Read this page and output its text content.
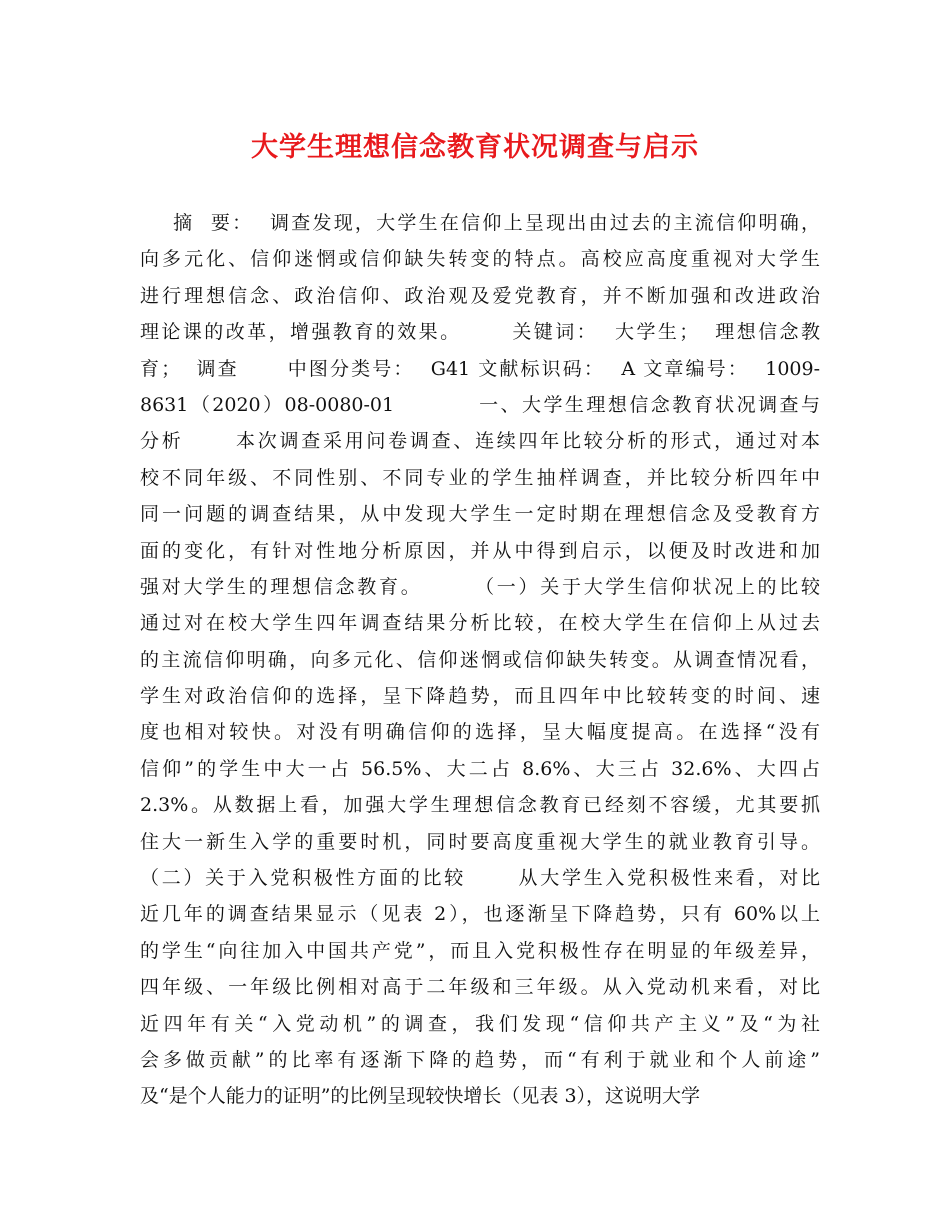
大学生理想信念教育状况调查与启示
摘  要：  调查发现，大学生在信仰上呈现出由过去的主流信仰明确，
向多元化、信仰迷惘或信仰缺失转变的特点。高校应高度重视对大学生
进行理想信念、政治信仰、政治观及爱党教育，并不断加强和改进政治
理论课的改革，增强教育的效果。      关键词：  大学生；  理想信念教
育；  调查      中图分类号：  G41 文献标识码：  A 文章编号：  1009-
8631（2020）08-0080-01          一、大学生理想信念教育状况调查与
分析      本次调查采用问卷调查、连续四年比较分析的形式，通过对本
校不同年级、不同性别、不同专业的学生抽样调查，并比较分析四年中
同一问题的调查结果，从中发现大学生一定时期在理想信念及受教育方
面的变化，有针对性地分析原因，并从中得到启示，以便及时改进和加
强对大学生的理想信念教育。      （一）关于大学生信仰状况上的比较
通过对在校大学生四年调查结果分析比较，在校大学生在信仰上从过去
的主流信仰明确，向多元化、信仰迷惘或信仰缺失转变。从调查情况看，
学生对政治信仰的选择，呈下降趋势，而且四年中比较转变的时间、速
度也相对较快。对没有明确信仰的选择，呈大幅度提高。在选择“没有
信仰”的学生中大一占 56.5%、大二占 8.6%、大三占 32.6%、大四占
2.3%。从数据上看，加强大学生理想信念教育已经刻不容缓，尤其要抓
住大一新生入学的重要时机，同时要高度重视大学生的就业教育引导。
（二）关于入党积极性方面的比较      从大学生入党积极性来看，对比
近几年的调查结果显示（见表 2），也逐渐呈下降趋势，只有 60%以上
的学生“向往加入中国共产党”，而且入党积极性存在明显的年级差异，
四年级、一年级比例相对高于二年级和三年级。从入党动机来看，对比
近四年有关“入党动机”的调查，我们发现“信仰共产主义”及“为社
会多做贡献”的比率有逐渐下降的趋势，而“有利于就业和个人前途”
及“是个人能力的证明”的比例呈现较快增长（见表 3），这说明大学
